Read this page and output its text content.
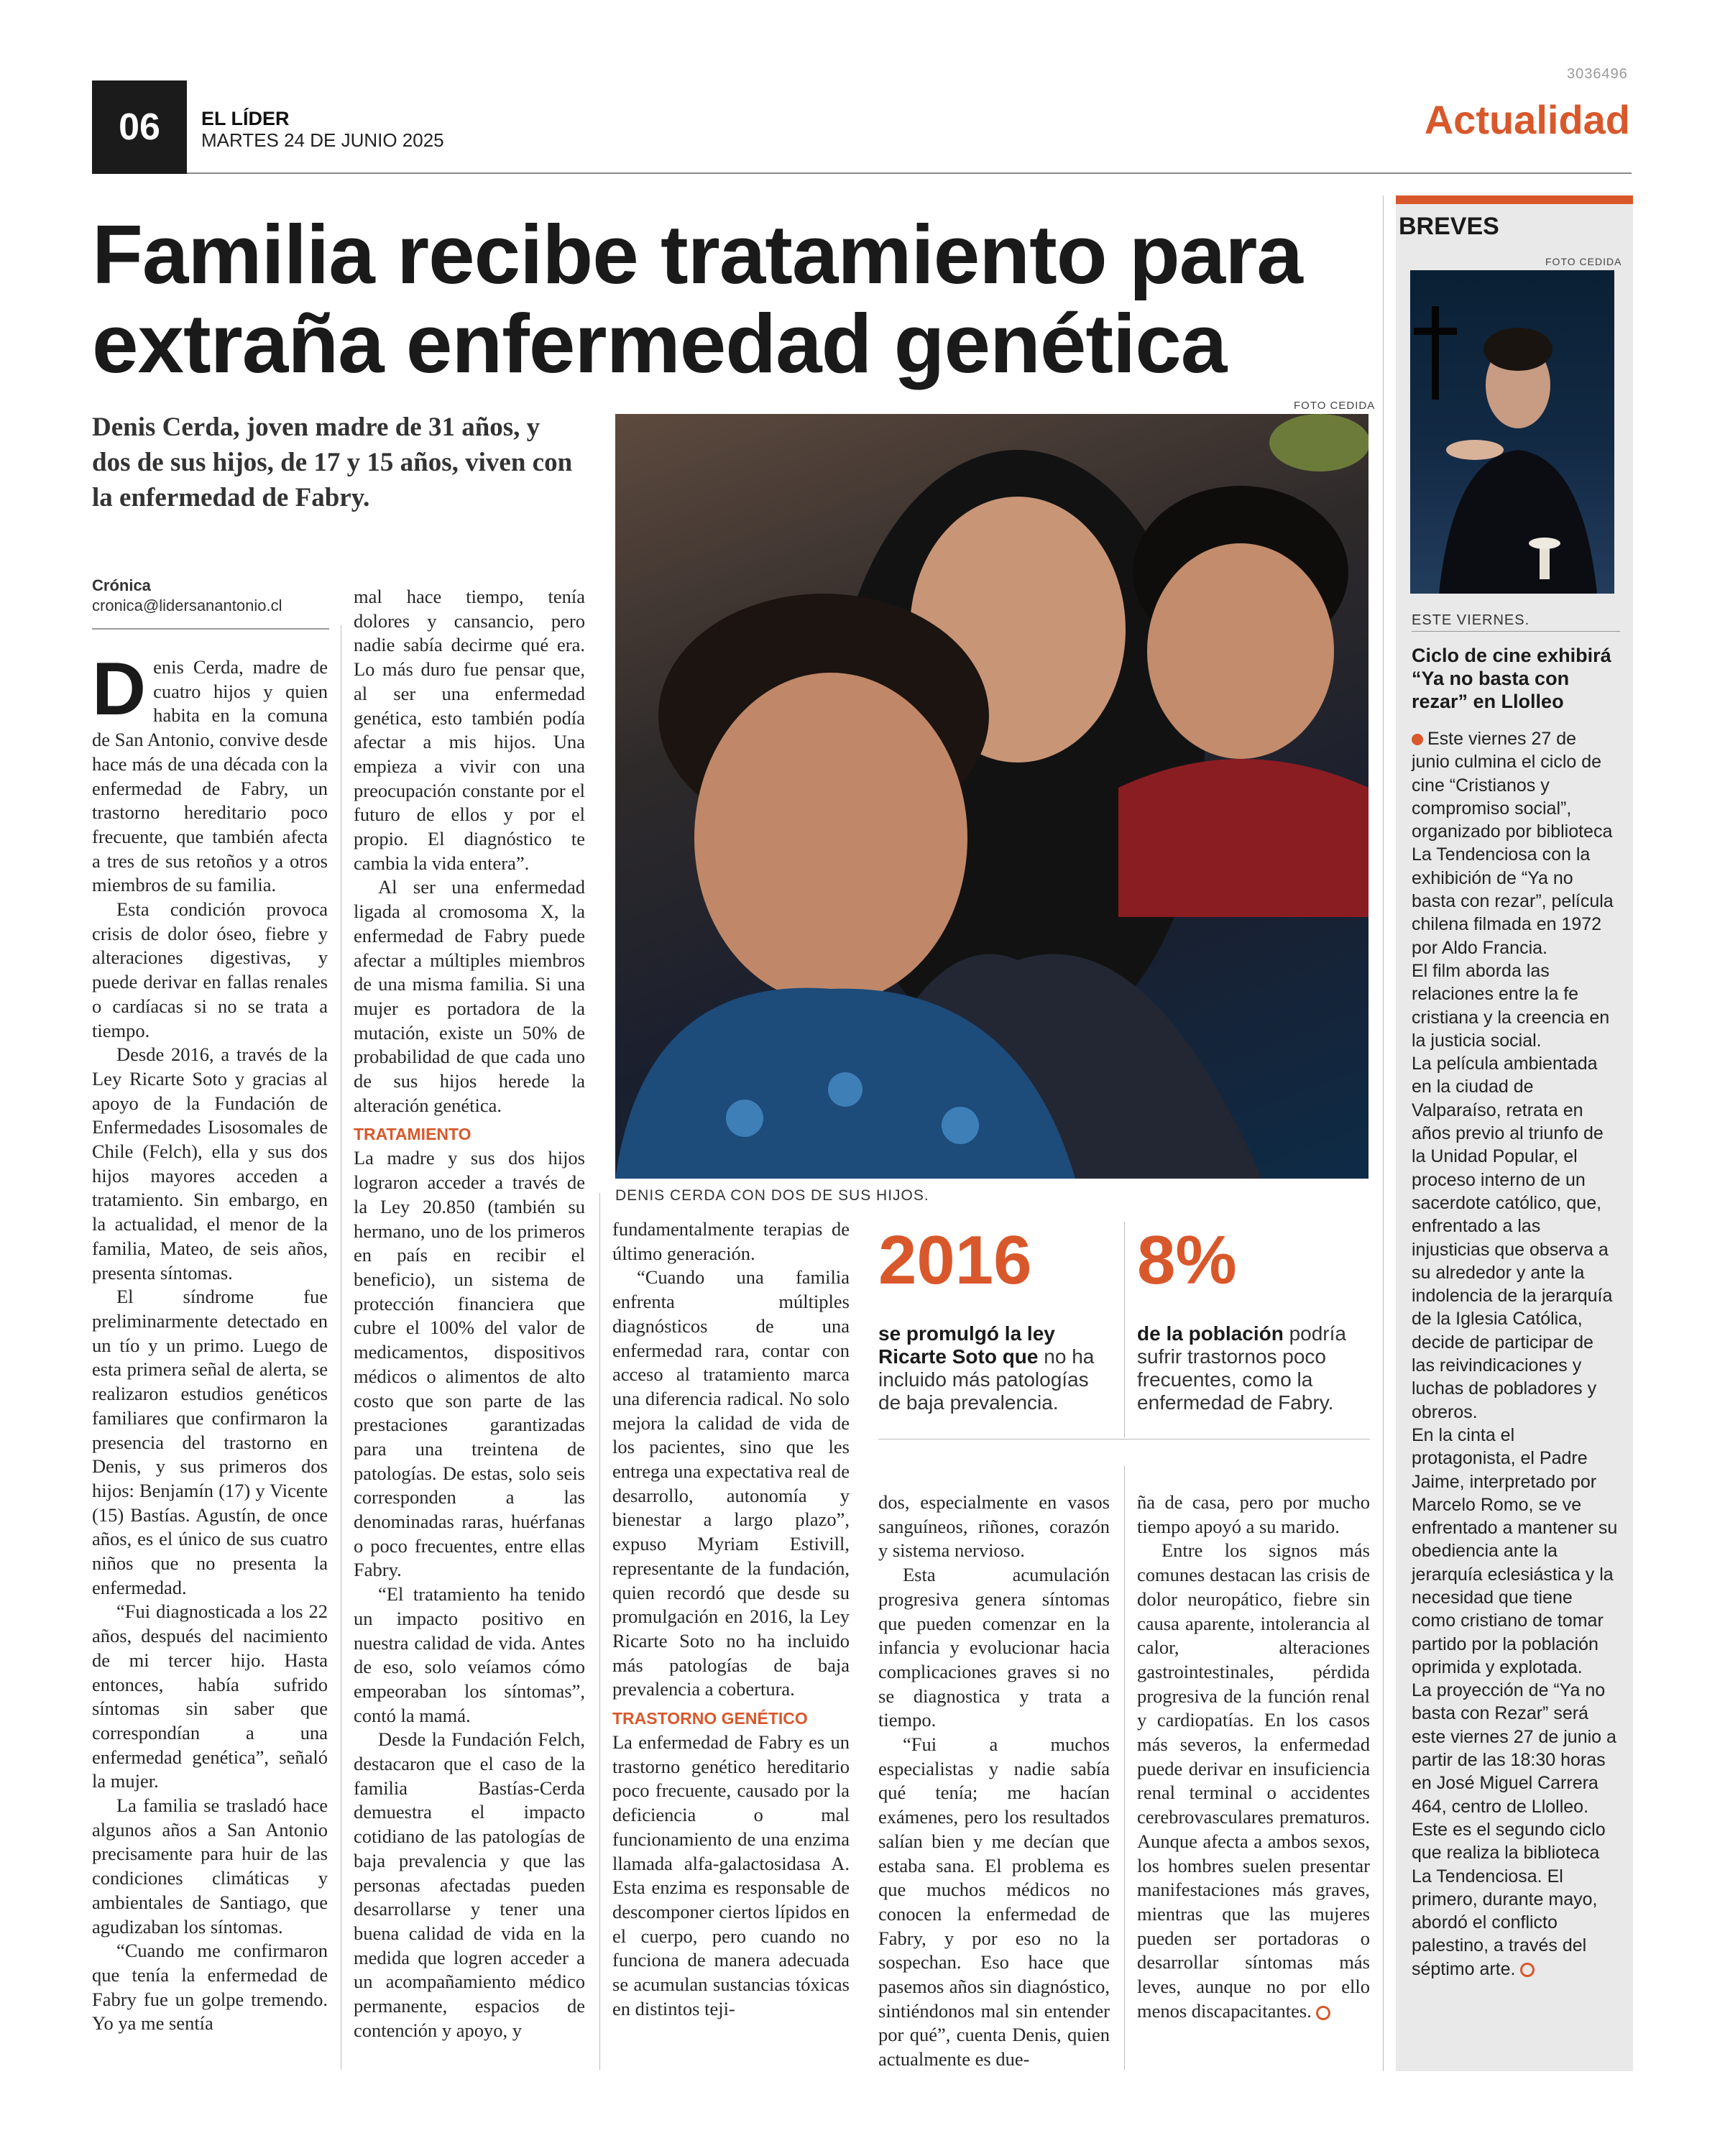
3036496
06	EL LÍDER
MARTES 24 DE JUNIO 2025	Actualidad
Familia recibe tratamiento para
extraña enfermedad genética
Denis Cerda, joven madre de 31 años, y dos de sus hijos, de 17 y 15 años, viven con la enfermedad de Fabry.
Crónica
cronica@lidersanantonio.cl
FOTO CEDIDA
DENIS CERDA CON DOS DE SUS HIJOS.

Denis Cerda, madre de cuatro hijos y quien habita en la comuna de San Antonio, convive desde hace más de una década con la enfermedad de Fabry, un trastorno hereditario poco frecuente, que también afecta a tres de sus retoños y a otros miembros de su familia.

Esta condición provoca crisis de dolor óseo, fiebre y alteraciones digestivas, y puede derivar en fallas renales o cardíacas si no se trata a tiempo.

Desde 2016, a través de la Ley Ricarte Soto y gracias al apoyo de la Fundación de Enfermedades Lisosomales de Chile (Felch), ella y sus dos hijos mayores acceden a tratamiento. Sin embargo, en la actualidad, el menor de la familia, Mateo, de seis años, presenta síntomas.

El síndrome fue preliminarmente detectado en un tío y un primo. Luego de esta primera señal de alerta, se realizaron estudios genéticos familiares que confirmaron la presencia del trastorno en Denis, y sus primeros dos hijos: Benjamín (17) y Vicente (15) Bastías. Agustín, de once años, es el único de sus cuatro niños que no presenta la enfermedad.

“Fui diagnosticada a los 22 años, después del nacimiento de mi tercer hijo. Hasta entonces, había sufrido síntomas sin saber que correspondían a una enfermedad genética”, señaló la mujer.

La familia se trasladó hace algunos años a San Antonio precisamente para huir de las condiciones climáticas y ambientales de Santiago, que agudizaban los síntomas.

“Cuando me confirmaron que tenía la enfermedad de Fabry fue un golpe tremendo. Yo ya me sentía

mal hace tiempo, tenía dolores y cansancio, pero nadie sabía decirme qué era. Lo más duro fue pensar que, al ser una enfermedad genética, esto también podía afectar a mis hijos. Una empieza a vivir con una preocupación constante por el futuro de ellos y por el propio. El diagnóstico te cambia la vida entera”.

Al ser una enfermedad ligada al cromosoma X, la enfermedad de Fabry puede afectar a múltiples miembros de una misma familia. Si una mujer es portadora de la mutación, existe un 50% de probabilidad de que cada uno de sus hijos herede la alteración genética.

TRATAMIENTO

La madre y sus dos hijos lograron acceder a través de la Ley 20.850 (también su hermano, uno de los primeros en país en recibir el beneficio), un sistema de protección financiera que cubre el 100% del valor de medicamentos, dispositivos médicos o alimentos de alto costo que son parte de las prestaciones garantizadas para una treintena de patologías. De estas, solo seis corresponden a las denominadas raras, huérfanas o poco frecuentes, entre ellas Fabry.

“El tratamiento ha tenido un impacto positivo en nuestra calidad de vida. Antes de eso, solo veíamos cómo empeoraban los síntomas”, contó la mamá.

Desde la Fundación Felch, destacaron que el caso de la familia Bastías-Cerda demuestra el impacto cotidiano de las patologías de baja prevalencia y que las personas afectadas pueden desarrollarse y tener una buena calidad de vida en la medida que logren acceder a un acompañamiento médico permanente, espacios de contención y apoyo, y

fundamentalmente terapias de último generación.

“Cuando una familia enfrenta múltiples diagnósticos de una enfermedad rara, contar con acceso al tratamiento marca una diferencia radical. No solo mejora la calidad de vida de los pacientes, sino que les entrega una expectativa real de desarrollo, autonomía y bienestar a largo plazo”, expuso Myriam Estivill, representante de la fundación, quien recordó que desde su promulgación en 2016, la Ley Ricarte Soto no ha incluido más patologías de baja prevalencia a cobertura.

TRASTORNO GENÉTICO

La enfermedad de Fabry es un trastorno genético hereditario poco frecuente, causado por la deficiencia o mal funcionamiento de una enzima llamada alfa-galactosidasa A. Esta enzima es responsable de descomponer ciertos lípidos en el cuerpo, pero cuando no funciona de manera adecuada se acumulan sustancias tóxicas en distintos teji-

2016
se promulgó la ley Ricarte Soto que no ha incluido más patologías de baja prevalencia.
8%
de la población podría sufrir trastornos poco frecuentes, como la enfermedad de Fabry.

dos, especialmente en vasos sanguíneos, riñones, corazón y sistema nervioso.

Esta acumulación progresiva genera síntomas que pueden comenzar en la infancia y evolucionar hacia complicaciones graves si no se diagnostica y trata a tiempo.

“Fui a muchos especialistas y nadie sabía qué tenía; me hacían exámenes, pero los resultados salían bien y me decían que estaba sana. El problema es que muchos médicos no conocen la enfermedad de Fabry, y por eso no la sospechan. Eso hace que pasemos años sin diagnóstico, sintiéndonos mal sin entender por qué”, cuenta Denis, quien actualmente es due-

ña de casa, pero por mucho tiempo apoyó a su marido.

Entre los signos más comunes destacan las crisis de dolor neuropático, fiebre sin causa aparente, intolerancia al calor, alteraciones gastrointestinales, pérdida progresiva de la función renal y cardiopatías. En los casos más severos, la enfermedad puede derivar en insuficiencia renal terminal o accidentes cerebrovasculares prematuros. Aunque afecta a ambos sexos, los hombres suelen presentar manifestaciones más graves, mientras que las mujeres pueden ser portadoras o desarrollar síntomas más leves, aunque no por ello menos discapacitantes.

BREVES
FOTO CEDIDA
ESTE VIERNES.
Ciclo de cine exhibirá “Ya no basta con rezar” en Llolleo

Este viernes 27 de junio culmina el ciclo de cine “Cristianos y compromiso social”, organizado por biblioteca La Tendenciosa con la exhibición de “Ya no basta con rezar”, película chilena filmada en 1972 por Aldo Francia.

El film aborda las relaciones entre la fe cristiana y la creencia en la justicia social.

La película ambientada en la ciudad de Valparaíso, retrata en años previo al triunfo de la Unidad Popular, el proceso interno de un sacerdote católico, que, enfrentado a las injusticias que observa a su alrededor y ante la indolencia de la jerarquía de la Iglesia Católica, decide de participar de las reivindicaciones y luchas de pobladores y obreros.

En la cinta el protagonista, el Padre Jaime, interpretado por Marcelo Romo, se ve enfrentado a mantener su obediencia ante la jerarquía eclesiástica y la necesidad que tiene como cristiano de tomar partido por la población oprimida y explotada.

La proyección de “Ya no basta con Rezar” será este viernes 27 de junio a partir de las 18:30 horas en José Miguel Carrera 464, centro de Llolleo.

Este es el segundo ciclo que realiza la biblioteca La Tendenciosa. El primero, durante mayo, abordó el conflicto palestino, a través del séptimo arte.
